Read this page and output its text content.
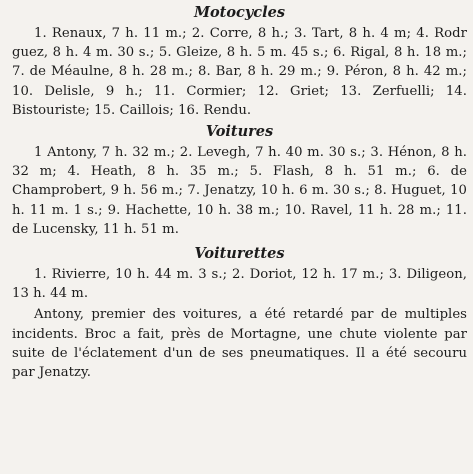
Motocycles

1. Renaux, 7 h. 11 m.; 2. Corre, 8 h.; 3. Tart, 8 h. 4 m; 4. Rodr guez, 8 h. 4 m. 30 s.; 5. Gleize, 8 h. 5 m. 45 s.; 6. Rigal, 8 h. 18 m.; 7. de Méaulne, 8 h. 28 m.; 8. Bar, 8 h. 29 m.; 9. Péron, 8 h. 42 m.; 10. Delisle, 9 h.; 11. Cormier; 12. Griet; 13. Zerfuelli; 14. Bistouriste; 15. Caillois; 16. Rendu.

Voitures

1 Antony, 7 h. 32 m.; 2. Levegh, 7 h. 40 m. 30 s.; 3. Hénon, 8 h. 32 m; 4. Heath, 8 h. 35 m.; 5. Flash, 8 h. 51 m.; 6. de Champrobert, 9 h. 56 m.; 7. Jenatzy, 10 h. 6 m. 30 s.; 8. Huguet, 10 h. 11 m. 1 s.; 9. Hachette, 10 h. 38 m.; 10. Ravel, 11 h. 28 m.; 11. de Lucensky, 11 h. 51 m.

Voiturettes

1. Rivierre, 10 h. 44 m. 3 s.; 2. Doriot, 12 h. 17 m.; 3. Diligeon, 13 h. 44 m.

Antony, premier des voitures, a été retardé par de multiples incidents. Broc a fait, près de Mortagne, une chute violente par suite de l'éclatement d'un de ses pneumatiques. Il a été secouru par Jenatzy.
